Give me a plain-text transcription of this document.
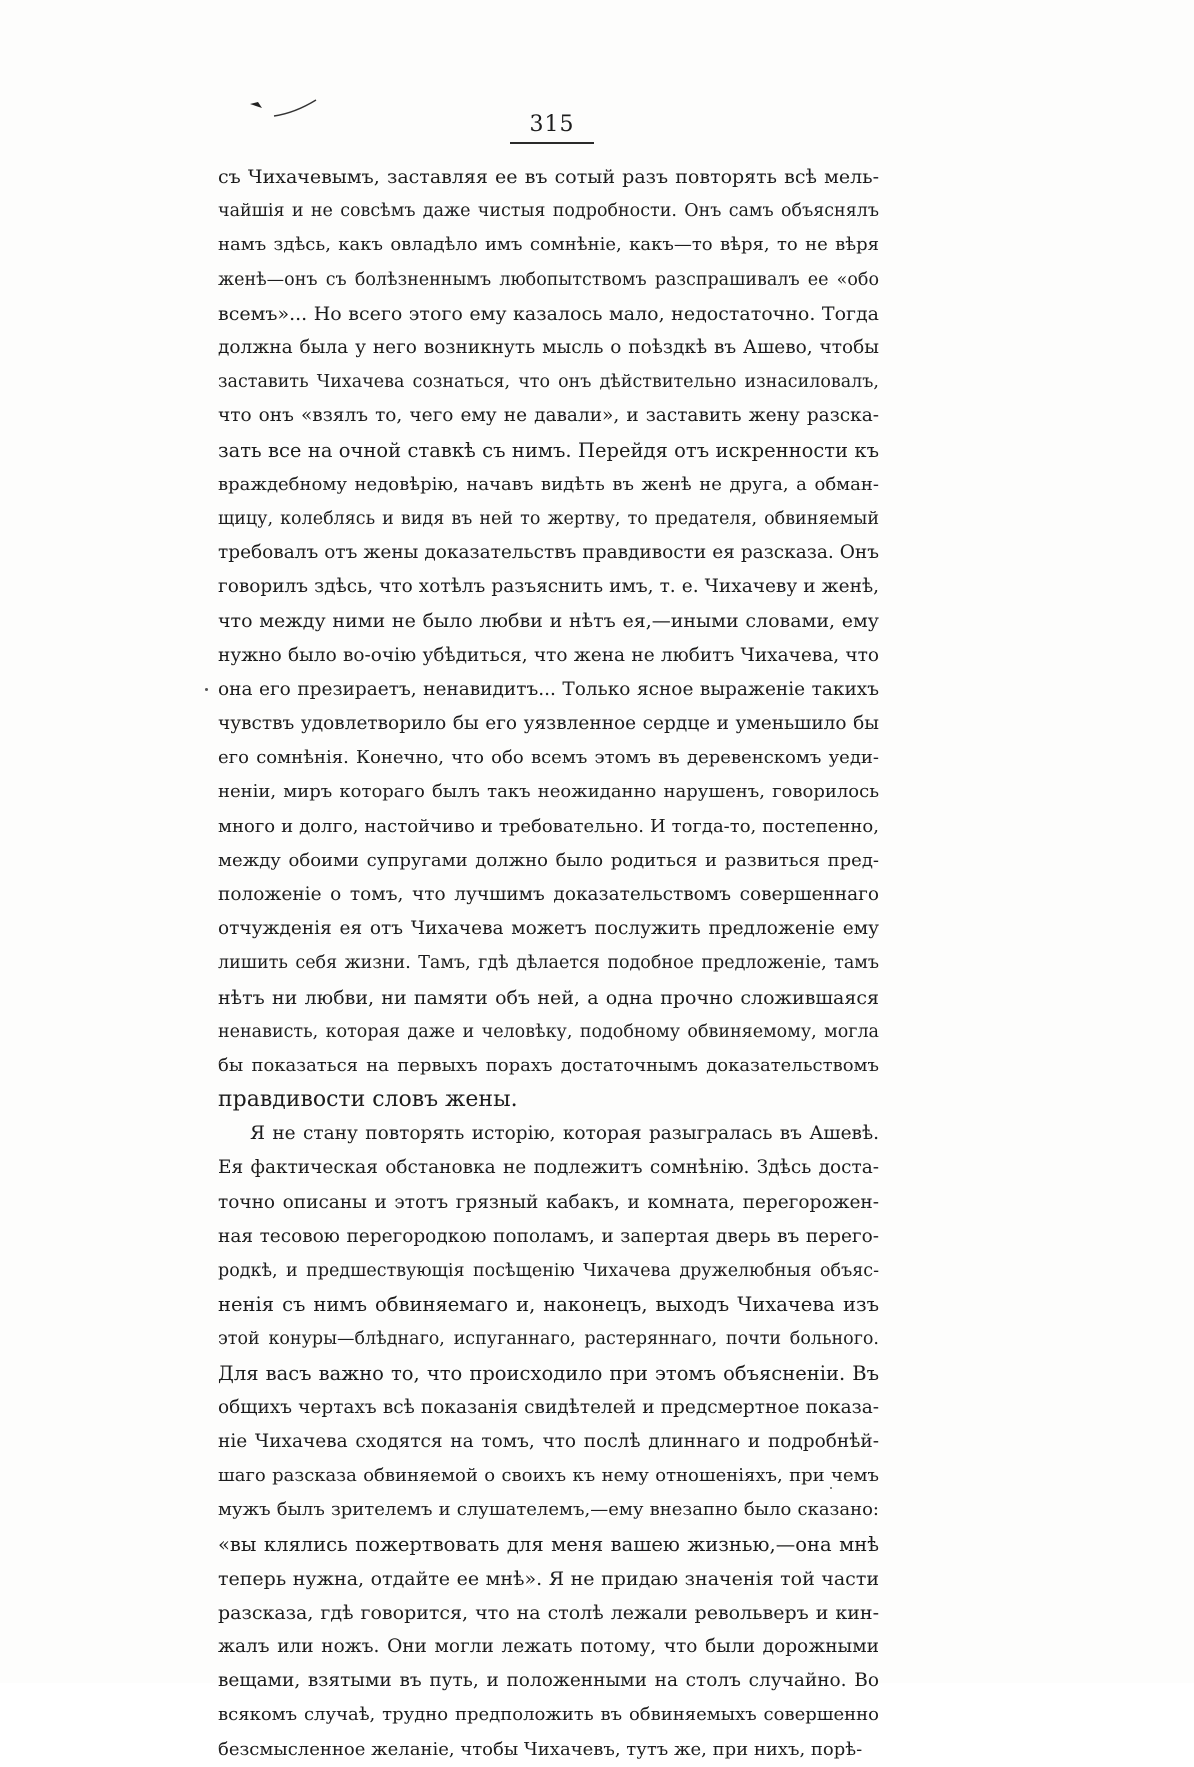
315
съ Чихачевымъ, заставляя ее въ сотый разъ повторять всѣ мель-
чайшія и не совсѣмъ даже чистыя подробности. Онъ самъ объяснялъ
намъ здѣсь, какъ овладѣло имъ сомнѣніе, какъ—то вѣря, то не вѣря
женѣ—онъ съ болѣзненнымъ любопытствомъ разспрашивалъ ее «обо
всемъ»... Но всего этого ему казалось мало, недостаточно. Тогда
должна была у него возникнуть мысль о поѣздкѣ въ Ашево, чтобы
заставить Чихачева сознаться, что онъ дѣйствительно изнасиловалъ,
что онъ «взялъ то, чего ему не давали», и заставить жену разска-
зать все на очной ставкѣ съ нимъ. Перейдя отъ искренности къ
враждебному недовѣрію, начавъ видѣть въ женѣ не друга, а обман-
щицу, колеблясь и видя въ ней то жертву, то предателя, обвиняемый
требовалъ отъ жены доказательствъ правдивости ея разсказа. Онъ
говорилъ здѣсь, что хотѣлъ разъяснить имъ, т. е. Чихачеву и женѣ,
что между ними не было любви и нѣтъ ея,—иными словами, ему
нужно было во-очію убѣдиться, что жена не любитъ Чихачева, что
она его презираетъ, ненавидитъ... Только ясное выраженіе такихъ
чувствъ удовлетворило бы его уязвленное сердце и уменьшило бы
его сомнѣнія. Конечно, что обо всемъ этомъ въ деревенскомъ уеди-
неніи, миръ котораго былъ такъ неожиданно нарушенъ, говорилось
много и долго, настойчиво и требовательно. И тогда-то, постепенно,
между обоими супругами должно было родиться и развиться пред-
положеніе о томъ, что лучшимъ доказательствомъ совершеннаго
отчужденія ея отъ Чихачева можетъ послужить предложеніе ему
лишить себя жизни. Тамъ, гдѣ дѣлается подобное предложеніе, тамъ
нѣтъ ни любви, ни памяти объ ней, а одна прочно сложившаяся
ненависть, которая даже и человѣку, подобному обвиняемому, могла
бы показаться на первыхъ порахъ достаточнымъ доказательствомъ
правдивости словъ жены.
Я не стану повторять исторію, которая разыгралась въ Ашевѣ.
Ея фактическая обстановка не подлежитъ сомнѣнію. Здѣсь доста-
точно описаны и этотъ грязный кабакъ, и комната, перегорожен-
ная тесовою перегородкою пополамъ, и запертая дверь въ перего-
родкѣ, и предшествующія посѣщенію Чихачева дружелюбныя объяс-
ненія съ нимъ обвиняемаго и, наконецъ, выходъ Чихачева изъ
этой конуры—блѣднаго, испуганнаго, растеряннаго, почти больного.
Для васъ важно то, что происходило при этомъ объясненіи. Въ
общихъ чертахъ всѣ показанія свидѣтелей и предсмертное показа-
ніе Чихачева сходятся на томъ, что послѣ длиннаго и подробнѣй-
шаго разсказа обвиняемой о своихъ къ нему отношеніяхъ, при чемъ
мужъ былъ зрителемъ и слушателемъ,—ему внезапно было сказано:
«вы клялись пожертвовать для меня вашею жизнью,—она мнѣ
теперь нужна, отдайте ее мнѣ». Я не придаю значенія той части
разсказа, гдѣ говорится, что на столѣ лежали револьверъ и кин-
жалъ или ножъ. Они могли лежать потому, что были дорожными
вещами, взятыми въ путь, и положенными на столъ случайно. Во
всякомъ случаѣ, трудно предположить въ обвиняемыхъ совершенно
безсмысленное желаніе, чтобы Чихачевъ, тутъ же, при нихъ, порѣ-
